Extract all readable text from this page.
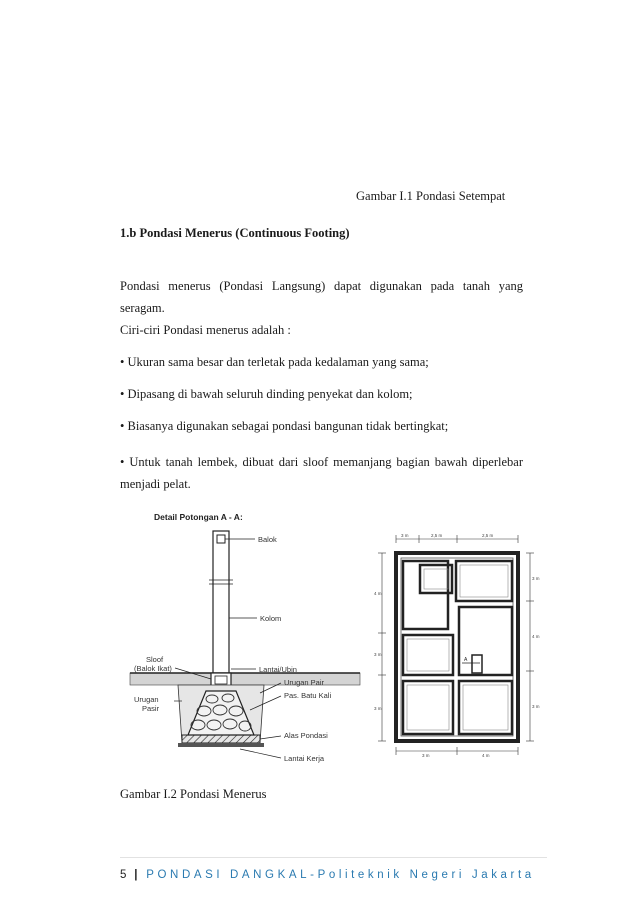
Gambar I.1 Pondasi Setempat
1.b Pondasi Menerus (Continuous Footing)
Pondasi menerus (Pondasi Langsung) dapat digunakan pada tanah yang
seragam.
Ciri-ciri Pondasi menerus adalah :
• Ukuran sama besar dan terletak pada kedalaman yang sama;
• Dipasang di bawah seluruh dinding penyekat dan kolom;
• Biasanya digunakan sebagai pondasi bangunan tidak bertingkat;
• Untuk tanah lembek, dibuat dari sloof memanjang bagian bawah diperlebar
menjadi pelat.
Detail Potongan A - A:
Balok
Kolom
Lantai/Ubin
Sloof
(Balok Ikat)
Urugan
Pasir
Urugan Pair
Pas. Batu Kali
Alas Pondasi
Lantai Kerja
3 m	2,5 m	2,5 m
4 m
3 m
3 m
3 m
4 m
3 m
3 m	4 m
A
Gambar I.2 Pondasi Menerus
5 | PONDASI DANGKAL-Politeknik Negeri Jakarta
